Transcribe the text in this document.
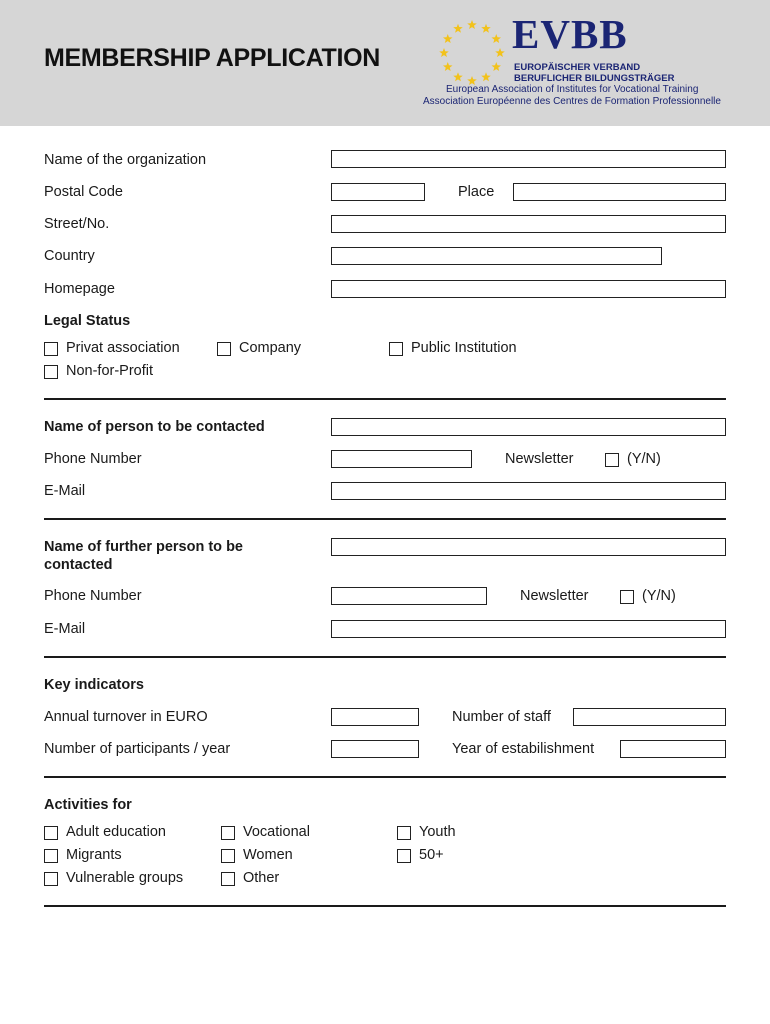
MEMBERSHIP APPLICATION
EVBB
EUROPÄISCHER VERBAND
BERUFLICHER BILDUNGSTRÄGER
European Association of Institutes for Vocational Training
Association Européenne des Centres de Formation Professionnelle
Name of the organization
Postal Code	Place
Street/No.
Country
Homepage
Legal Status
Privat association	Company	Public Institution
Non-for-Profit
Name of person to be contacted
Phone Number	Newsletter	(Y/N)
E-Mail
Name of further person to be
contacted
Phone Number	Newsletter	(Y/N)
E-Mail
Key indicators
Annual turnover in EURO	Number of staff
Number of participants / year	Year of estabilishment
Activities for
Adult education	Vocational	Youth
Migrants	Women	50+
Vulnerable groups	Other
